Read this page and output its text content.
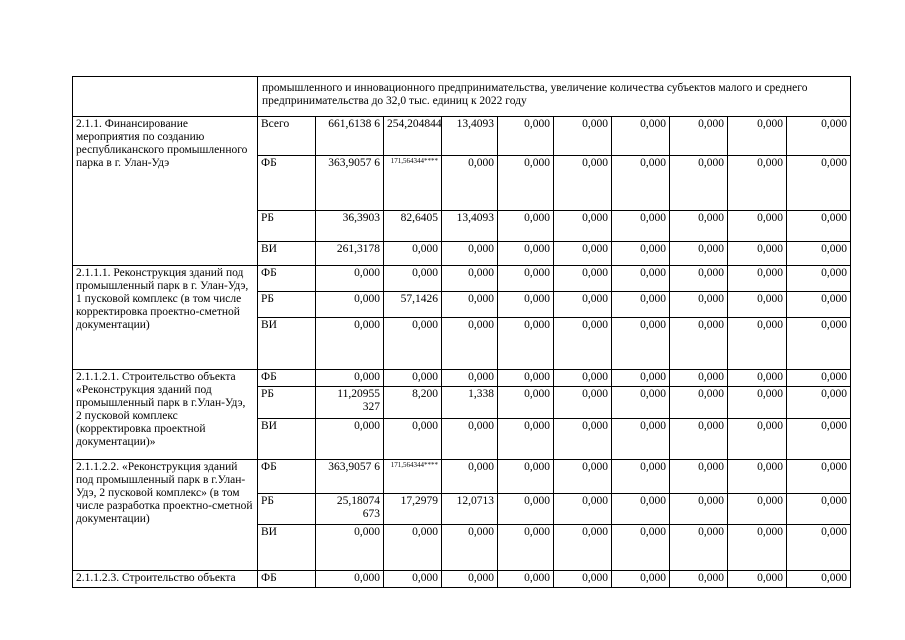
	промышленного и инновационного предпринимательства, увеличение количества субъектов малого и среднего предпринимательства до 32,0 тыс. единиц к 2022 году									
2.1.1. Финансирование мероприятия по созданию республиканского промышленного парка в г. Улан-Удэ	Всего	661,6138 6	254,204844	13,4093	0,000	0,000	0,000	0,000	0,000	0,000
	ФБ	363,9057 6	171,564344****	0,000	0,000	0,000	0,000	0,000	0,000	0,000
	РБ	36,3903	82,6405	13,4093	0,000	0,000	0,000	0,000	0,000	0,000
	ВИ	261,3178	0,000	0,000	0,000	0,000	0,000	0,000	0,000	0,000
2.1.1.1. Реконструкция зданий под промышленный парк в г. Улан-Удэ, 1 пусковой комплекс (в том числе корректировка проектно-сметной документации)	ФБ	0,000	0,000	0,000	0,000	0,000	0,000	0,000	0,000	0,000
	РБ	0,000	57,1426	0,000	0,000	0,000	0,000	0,000	0,000	0,000
	ВИ	0,000	0,000	0,000	0,000	0,000	0,000	0,000	0,000	0,000
2.1.1.2.1. Строительство объекта «Реконструкция зданий под промышленный парк в г.Улан-Удэ, 2 пусковой комплекс (корректировка проектной документации)»	ФБ	0,000	0,000	0,000	0,000	0,000	0,000	0,000	0,000	0,000
	РБ	11,20955 327	8,200	1,338	0,000	0,000	0,000	0,000	0,000	0,000
	ВИ	0,000	0,000	0,000	0,000	0,000	0,000	0,000	0,000	0,000
2.1.1.2.2. «Реконструкция зданий под промышленный парк в г.Улан-Удэ, 2 пусковой комплекс» (в том числе разработка проектно-сметной документации)	ФБ	363,9057 6	171,564344****	0,000	0,000	0,000	0,000	0,000	0,000	0,000
	РБ	25,18074 673	17,2979	12,0713	0,000	0,000	0,000	0,000	0,000	0,000
	ВИ	0,000	0,000	0,000	0,000	0,000	0,000	0,000	0,000	0,000
2.1.1.2.3. Строительство объекта	ФБ	0,000	0,000	0,000	0,000	0,000	0,000	0,000	0,000	0,000
